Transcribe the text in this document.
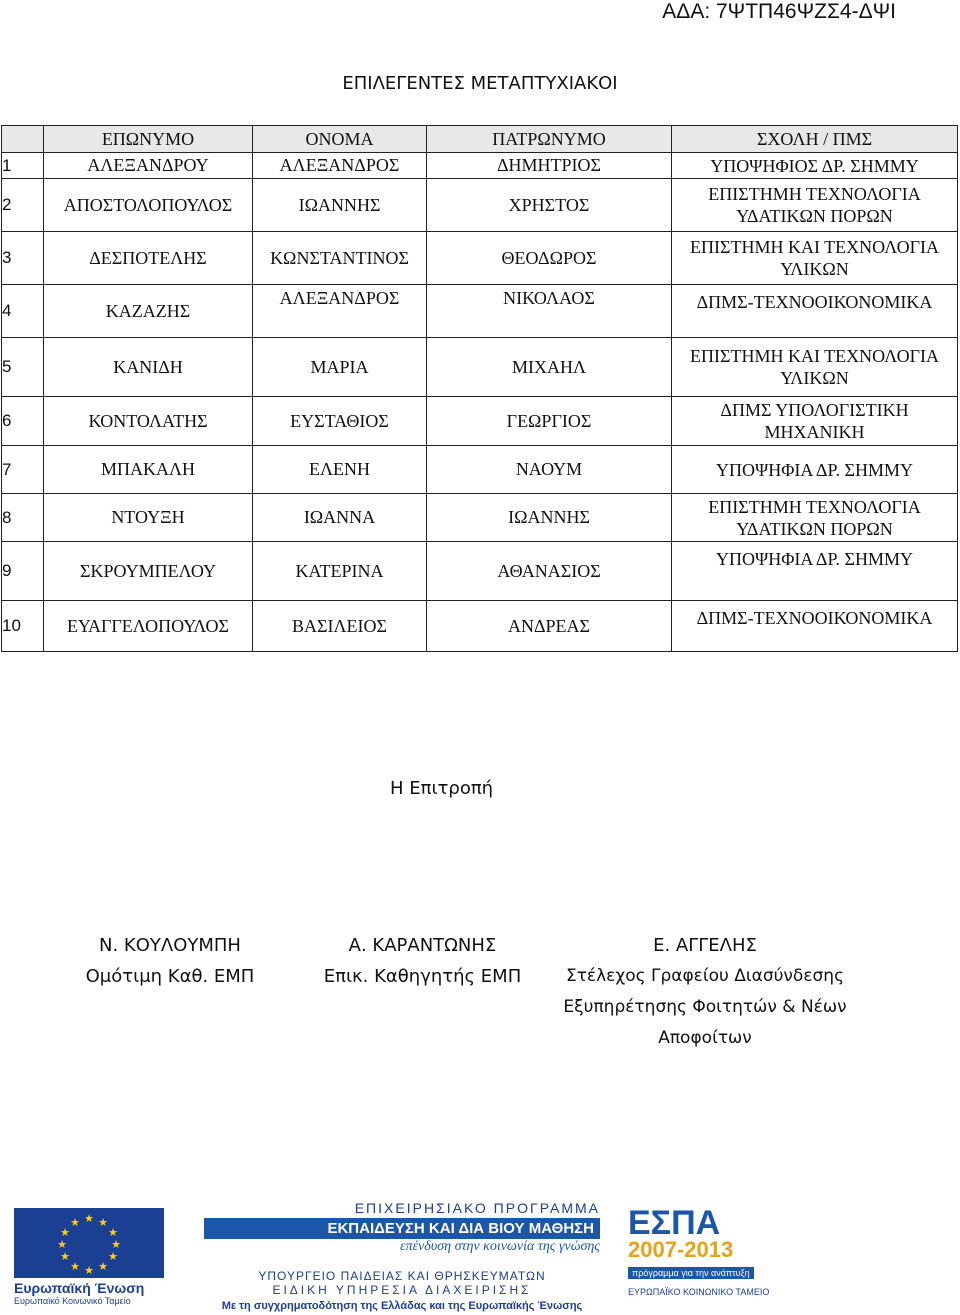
ΑΔΑ: 7ΨΤΠ46ΨΖΣ4-ΔΨΙ
ΕΠΙΛΕΓΕΝΤΕΣ ΜΕΤΑΠΤΥΧΙΑΚΟΙ
	ΕΠΩΝΥΜΟ	ΟΝΟΜΑ	ΠΑΤΡΩΝΥΜΟ	ΣΧΟΛΗ / ΠΜΣ
1	ΑΛΕΞΑΝΔΡΟΥ	ΑΛΕΞΑΝΔΡΟΣ	ΔΗΜΗΤΡΙΟΣ	ΥΠΟΨΗΦΙΟΣ ΔΡ. ΣΗΜΜΥ
2	ΑΠΟΣΤΟΛΟΠΟΥΛΟΣ	ΙΩΑΝΝΗΣ	ΧΡΗΣΤΟΣ	ΕΠΙΣΤΗΜΗ ΤΕΧΝΟΛΟΓΙΑ ΥΔΑΤΙΚΩΝ ΠΟΡΩΝ
3	ΔΕΣΠΟΤΕΛΗΣ	ΚΩΝΣΤΑΝΤΙΝΟΣ	ΘΕΟΔΩΡΟΣ	ΕΠΙΣΤΗΜΗ ΚΑΙ ΤΕΧΝΟΛΟΓΙΑ ΥΛΙΚΩΝ
4	ΚΑΖΑΖΗΣ	ΑΛΕΞΑΝΔΡΟΣ	ΝΙΚΟΛΑΟΣ	ΔΠΜΣ-ΤΕΧΝΟΟΙΚΟΝΟΜΙΚΑ
5	ΚΑΝΙΔΗ	ΜΑΡΙΑ	ΜΙΧΑΗΛ	ΕΠΙΣΤΗΜΗ ΚΑΙ ΤΕΧΝΟΛΟΓΙΑ ΥΛΙΚΩΝ
6	ΚΟΝΤΟΛΑΤΗΣ	ΕΥΣΤΑΘΙΟΣ	ΓΕΩΡΓΙΟΣ	ΔΠΜΣ ΥΠΟΛΟΓΙΣΤΙΚΗ ΜΗΧΑΝΙΚΗ
7	ΜΠΑΚΑΛΗ	ΕΛΕΝΗ	ΝΑΟΥΜ	ΥΠΟΨΗΦΙΑ ΔΡ. ΣΗΜΜΥ
8	ΝΤΟΥΞΗ	ΙΩΑΝΝΑ	ΙΩΑΝΝΗΣ	ΕΠΙΣΤΗΜΗ ΤΕΧΝΟΛΟΓΙΑ ΥΔΑΤΙΚΩΝ ΠΟΡΩΝ
9	ΣΚΡΟΥΜΠΕΛΟΥ	ΚΑΤΕΡΙΝΑ	ΑΘΑΝΑΣΙΟΣ	ΥΠΟΨΗΦΙΑ ΔΡ. ΣΗΜΜΥ
10	ΕΥΑΓΓΕΛΟΠΟΥΛΟΣ	ΒΑΣΙΛΕΙΟΣ	ΑΝΔΡΕΑΣ	ΔΠΜΣ-ΤΕΧΝΟΟΙΚΟΝΟΜΙΚΑ
Η Επιτροπή
Ν. ΚΟΥΛΟΥΜΠΗ
Ομότιμη Καθ. ΕΜΠ
Α. ΚΑΡΑΝΤΩΝΗΣ
Επικ. Καθηγητής ΕΜΠ
Ε. ΑΓΓΕΛΗΣ
Στέλεχος Γραφείου Διασύνδεσης
Εξυπηρέτησης Φοιτητών & Νέων
Αποφοίτων
★ ★
★
★
★
★
★
★
★
★
★
★
Ευρωπαϊκή Ένωση
Ευρωπαϊκό Κοινωνικό Ταμείο
ΕΠΙΧΕΙΡΗΣΙΑΚΟ ΠΡΟΓΡΑΜΜΑ
ΕΚΠΑΙΔΕΥΣΗ ΚΑΙ ΔΙΑ ΒΙΟΥ ΜΑΘΗΣΗ
επένδυση στην κοινωνία της γνώσης
ΥΠΟΥΡΓΕΙΟ ΠΑΙΔΕΙΑΣ ΚΑΙ ΘΡΗΣΚΕΥΜΑΤΩΝ
ΕΙΔΙΚΗ ΥΠΗΡΕΣΙΑ ΔΙΑΧΕΙΡΙΣΗΣ
Με τη συγχρηματοδότηση της Ελλάδας και της Ευρωπαϊκής Ένωσης
ΕΣΠΑ
2007-2013
πρόγραμμα για την ανάπτυξη
ΕΥΡΩΠΑΪΚΟ ΚΟΙΝΩΝΙΚΟ ΤΑΜΕΙΟ
